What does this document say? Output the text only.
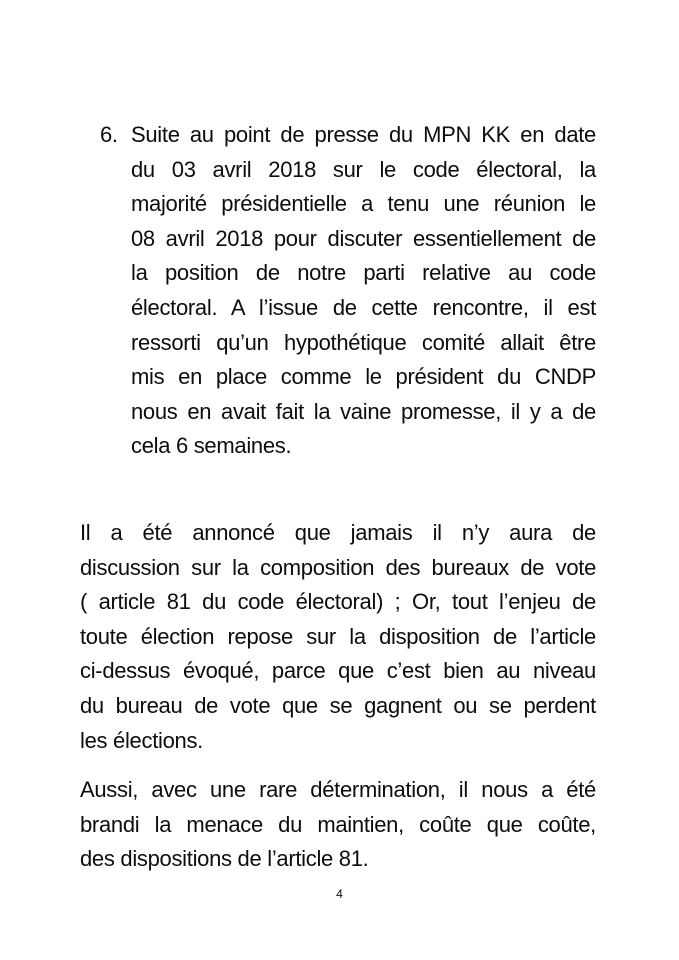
6. Suite au point de presse du MPN KK en date
du 03 avril 2018 sur le code électoral, la
majorité présidentielle a tenu une réunion le
08 avril 2018 pour discuter essentiellement de
la position de notre parti relative au code
électoral. A l’issue de cette rencontre, il est
ressorti qu’un hypothétique comité allait être
mis en place comme le président du CNDP
nous en avait fait la vaine promesse, il y a de
cela 6 semaines.
Il a été annoncé que jamais il n’y aura de
discussion sur la composition des bureaux de vote
( article 81 du code électoral) ; Or, tout l’enjeu de
toute élection repose sur la disposition de l’article
ci-dessus évoqué, parce que c’est bien au niveau
du bureau de vote que se gagnent ou se perdent
les élections.
Aussi, avec une rare détermination, il nous a été
brandi la menace du maintien, coûte que coûte,
des dispositions de l’article 81.
4
